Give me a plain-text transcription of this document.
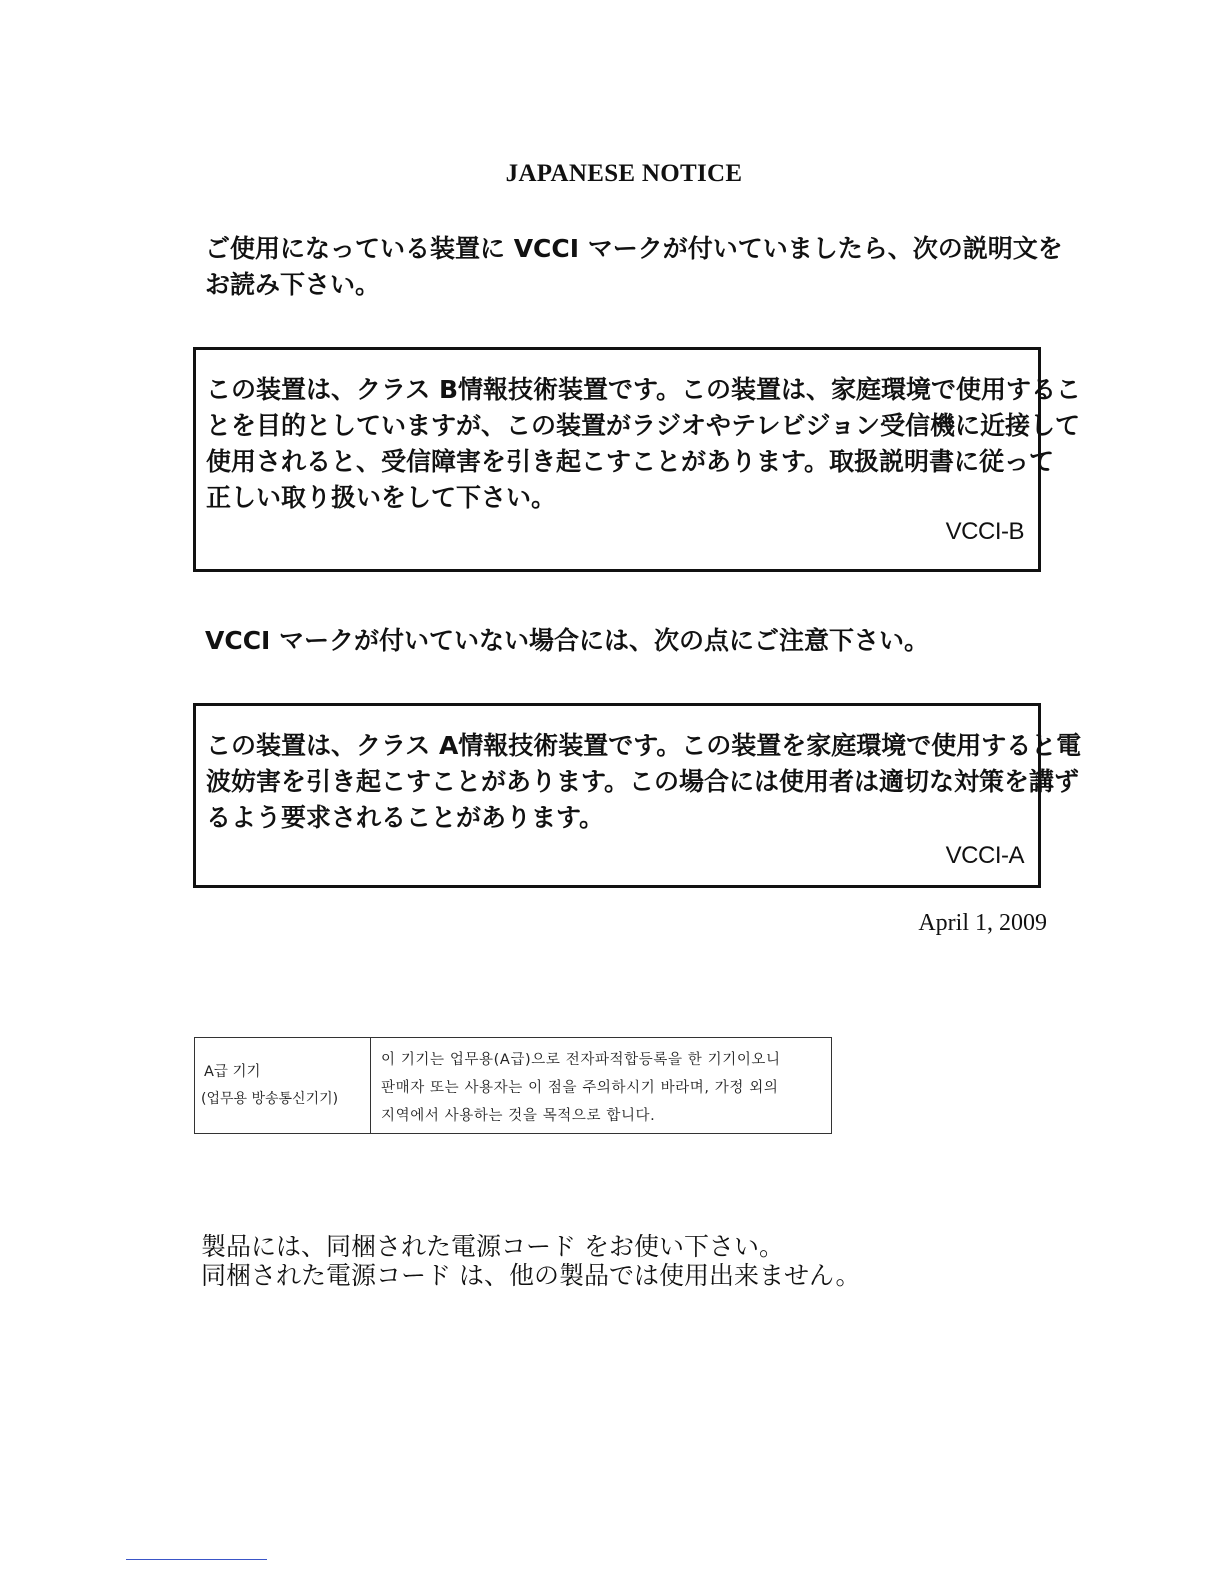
JAPANESE NOTICE
ご使用になっている装置に VCCI マークが付いていましたら、次の説明文を
お読み下さい。
この装置は、クラス B情報技術装置です。この装置は、家庭環境で使用するこ
とを目的としていますが、この装置がラジオやテレビジョン受信機に近接して
使用されると、受信障害を引き起こすことがあります。取扱説明書に従って
正しい取り扱いをして下さい。
VCCI-B
VCCI マークが付いていない場合には、次の点にご注意下さい。
この装置は、クラス A情報技術装置です。この装置を家庭環境で使用すると電
波妨害を引き起こすことがあります。この場合には使用者は適切な対策を講ず
るよう要求されることがあります。
VCCI-A
April 1, 2009
A급 기기
(업무용 방송통신기기)
이 기기는 업무용(A급)으로 전자파적합등록을 한 기기이오니
판매자 또는 사용자는 이 점을 주의하시기 바라며, 가정 외의
지역에서 사용하는 것을 목적으로 합니다.
製品には、同梱された電源コード をお使い下さい。
同梱された電源コード は、他の製品では使用出来ません。
